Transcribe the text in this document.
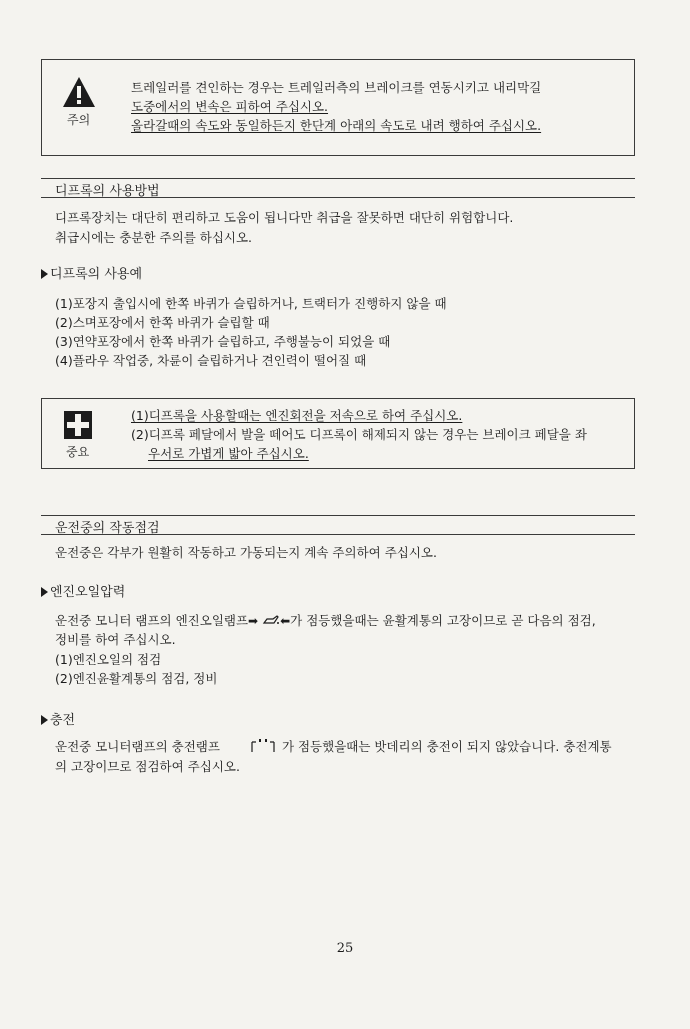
주의

트레일러를 견인하는 경우는 트레일러측의 브레이크를 연동시키고 내리막길
도중에서의 변속은 피하여 주십시오.
올라갈때의 속도와 동일하든지 한단계 아래의 속도로 내려 행하여 주십시오.

디프록의 사용방법
디프록장치는 대단히 편리하고 도움이 됩니다만 취급을 잘못하면 대단히 위험합니다.
취급시에는 충분한 주의를 하십시오.
디프록의 사용예
(1)포장지 출입시에 한쪽 바퀴가 슬립하거나, 트랙터가 진행하지 않을 때
(2)스며포장에서 한쪽 바퀴가 슬립할 때
(3)연약포장에서 한쪽 바퀴가 슬립하고, 주행불능이 되었을 때
(4)플라우 작업중, 차륜이 슬립하거나 견인력이 떨어질 때
중요

(1)디프록을 사용할때는 엔진회전을 저속으로 하여 주십시오.
(2)디프록 페달에서 발을 떼어도 디프록이 해제되지 않는 경우는 브레이크 페달을 좌
우서로 가볍게 밟아 주십시오.

운전중의 작동점검
운전중은 각부가 원활히 작동하고 가동되는지 계속 주의하여 주십시오.
엔진오일압력
운전중 모니터 램프의 엔진오일램프➡ ⬅가 점등했을때는 윤활계통의 고장이므로 곧 다음의 점검,
정비를 하여 주십시오.
(1)엔진오일의 점검
(2)엔진윤활계통의 점검, 정비
충전
운전중 모니터램프의 충전램프	가 점등했을때는 밧데리의 충전이 되지 않았습니다. 충전계통
의 고장이므로 점검하여 주십시오.
25
